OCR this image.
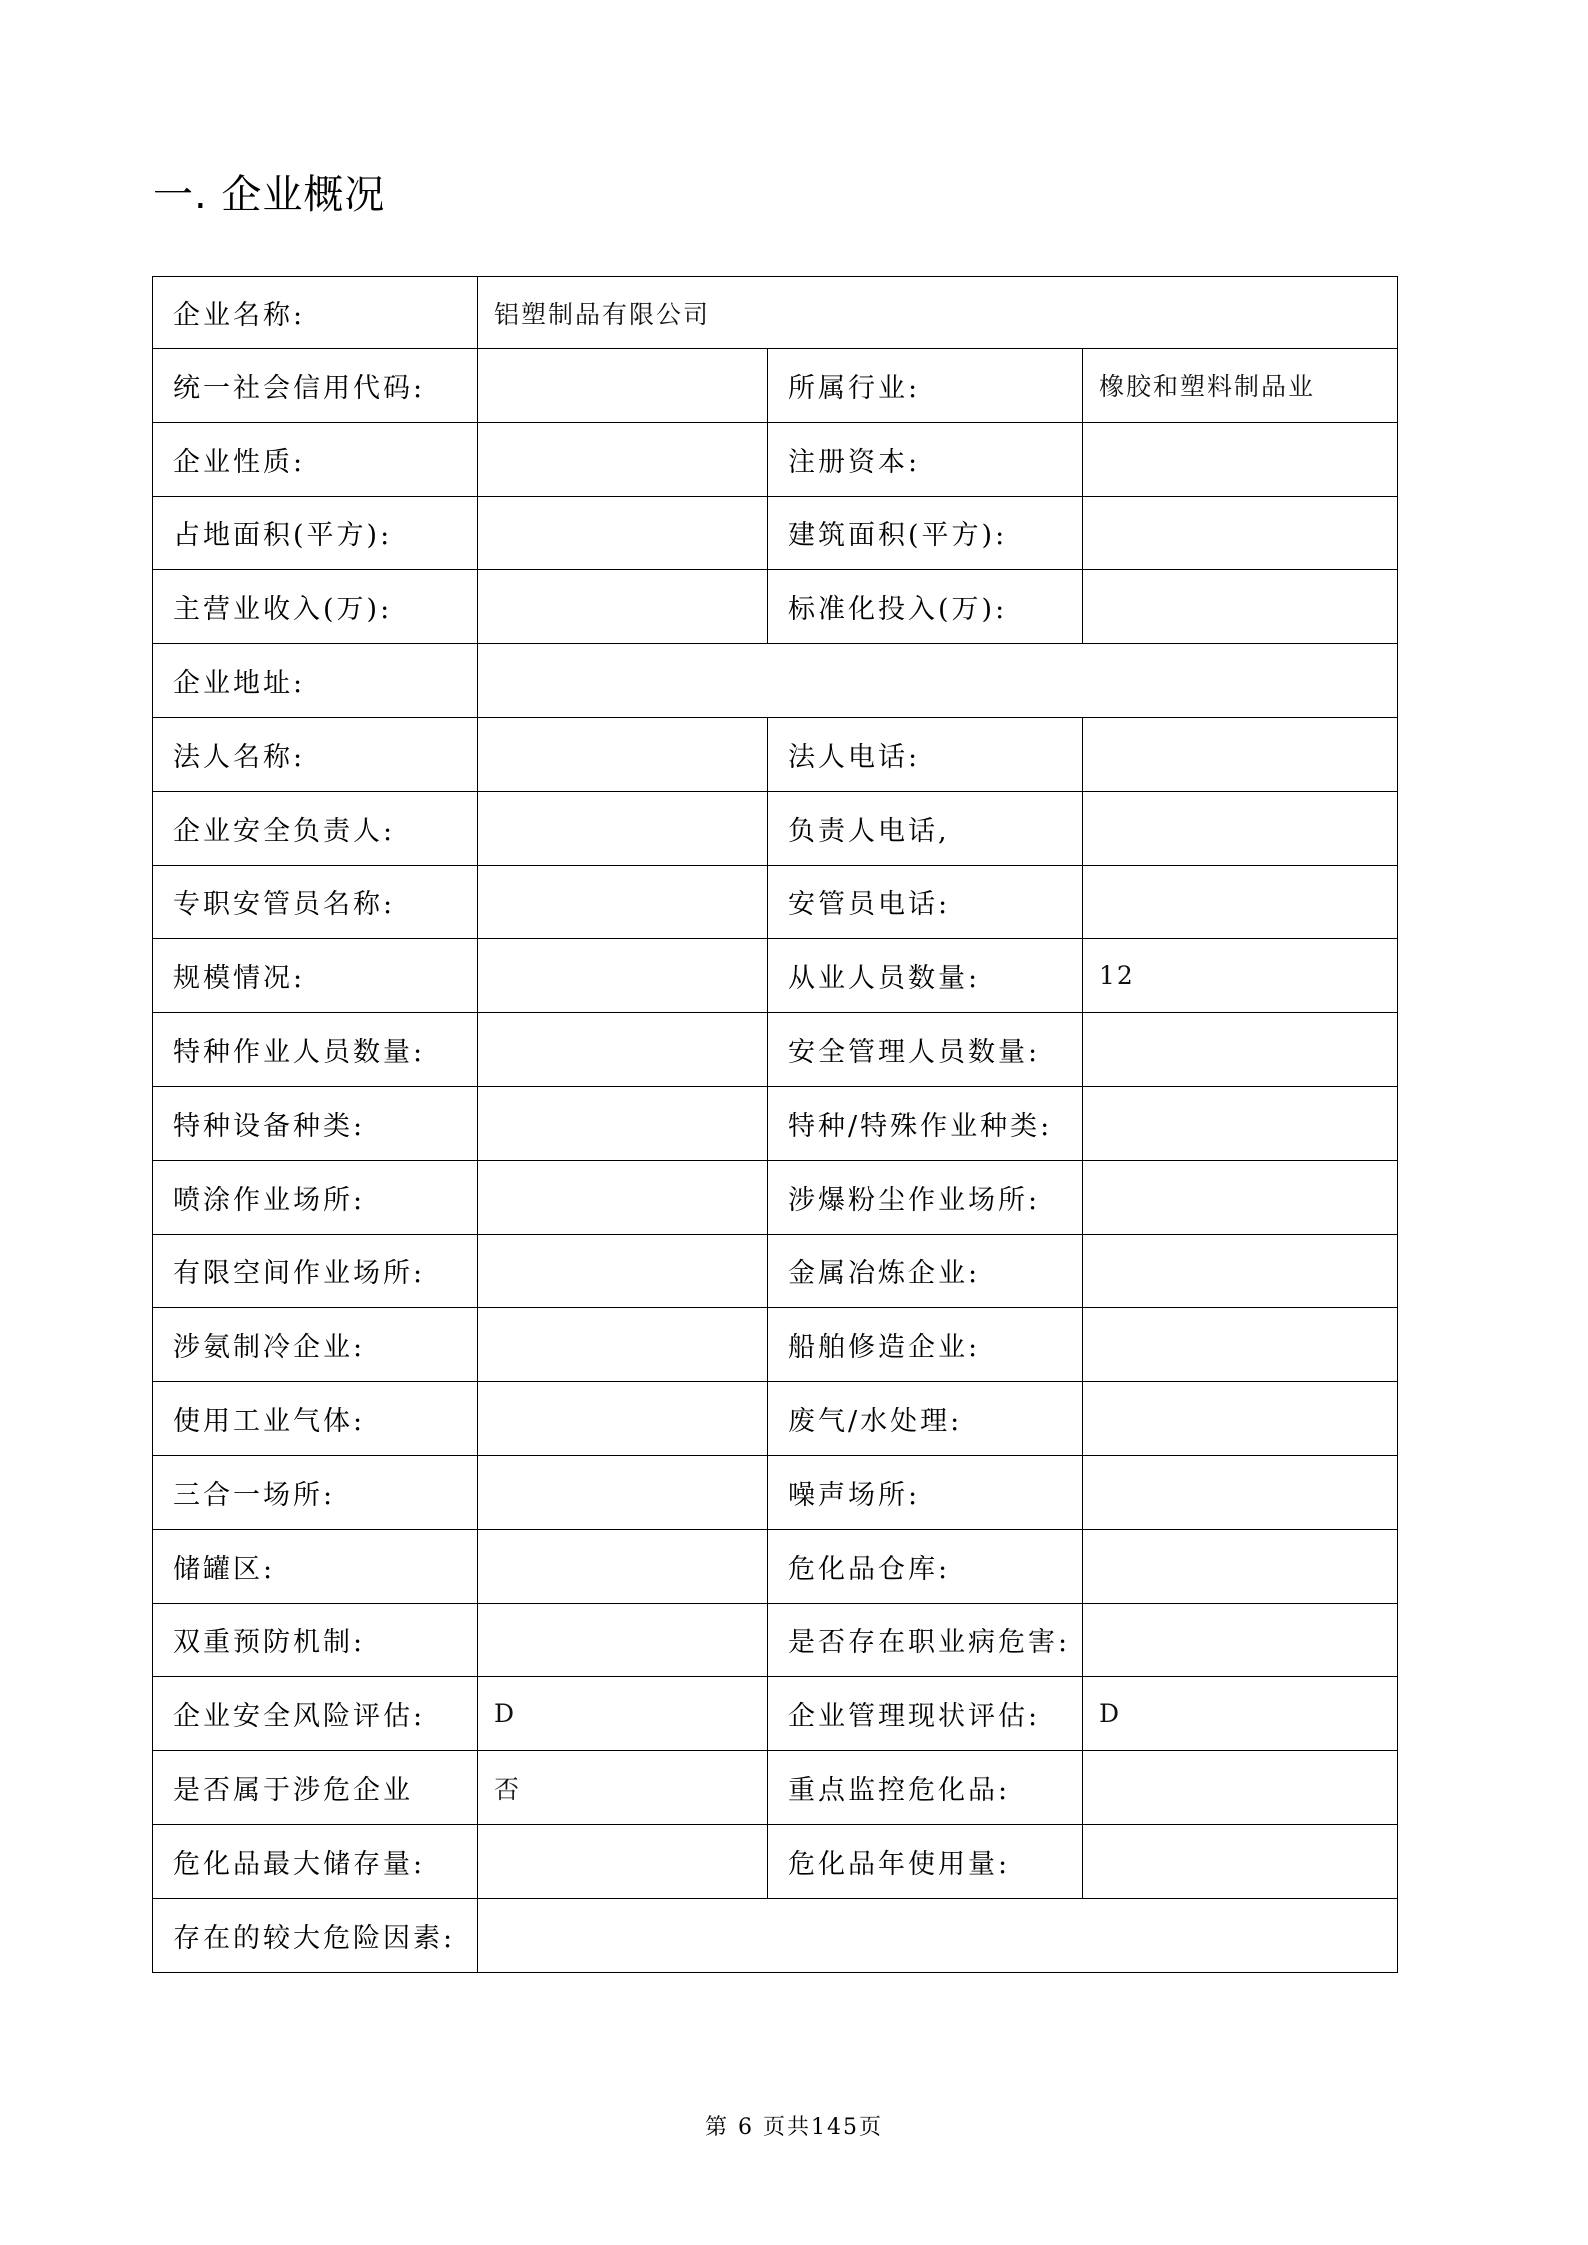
一. 企业概况
企业名称:	铝塑制品有限公司		
统一社会信用代码:		所属行业:	橡胶和塑料制品业
企业性质:		注册资本:	
占地面积(平方):		建筑面积(平方):	
主营业收入(万):		标准化投入(万):	
企业地址:			
法人名称:		法人电话:	
企业安全负责人:		负责人电话,	
专职安管员名称:		安管员电话:	
规模情况:		从业人员数量:	12
特种作业人员数量:		安全管理人员数量:	
特种设备种类:		特种/特殊作业种类:	
喷涂作业场所:		涉爆粉尘作业场所:	
有限空间作业场所:		金属冶炼企业:	
涉氨制冷企业:		船舶修造企业:	
使用工业气体:		废气/水处理:	
三合一场所:		噪声场所:	
储罐区:		危化品仓库:	
双重预防机制:		是否存在职业病危害:	
企业安全风险评估:	D	企业管理现状评估:	D
是否属于涉危企业	否	重点监控危化品:	
危化品最大储存量:		危化品年使用量:	
存在的较大危险因素:			
第 6 页共145页
